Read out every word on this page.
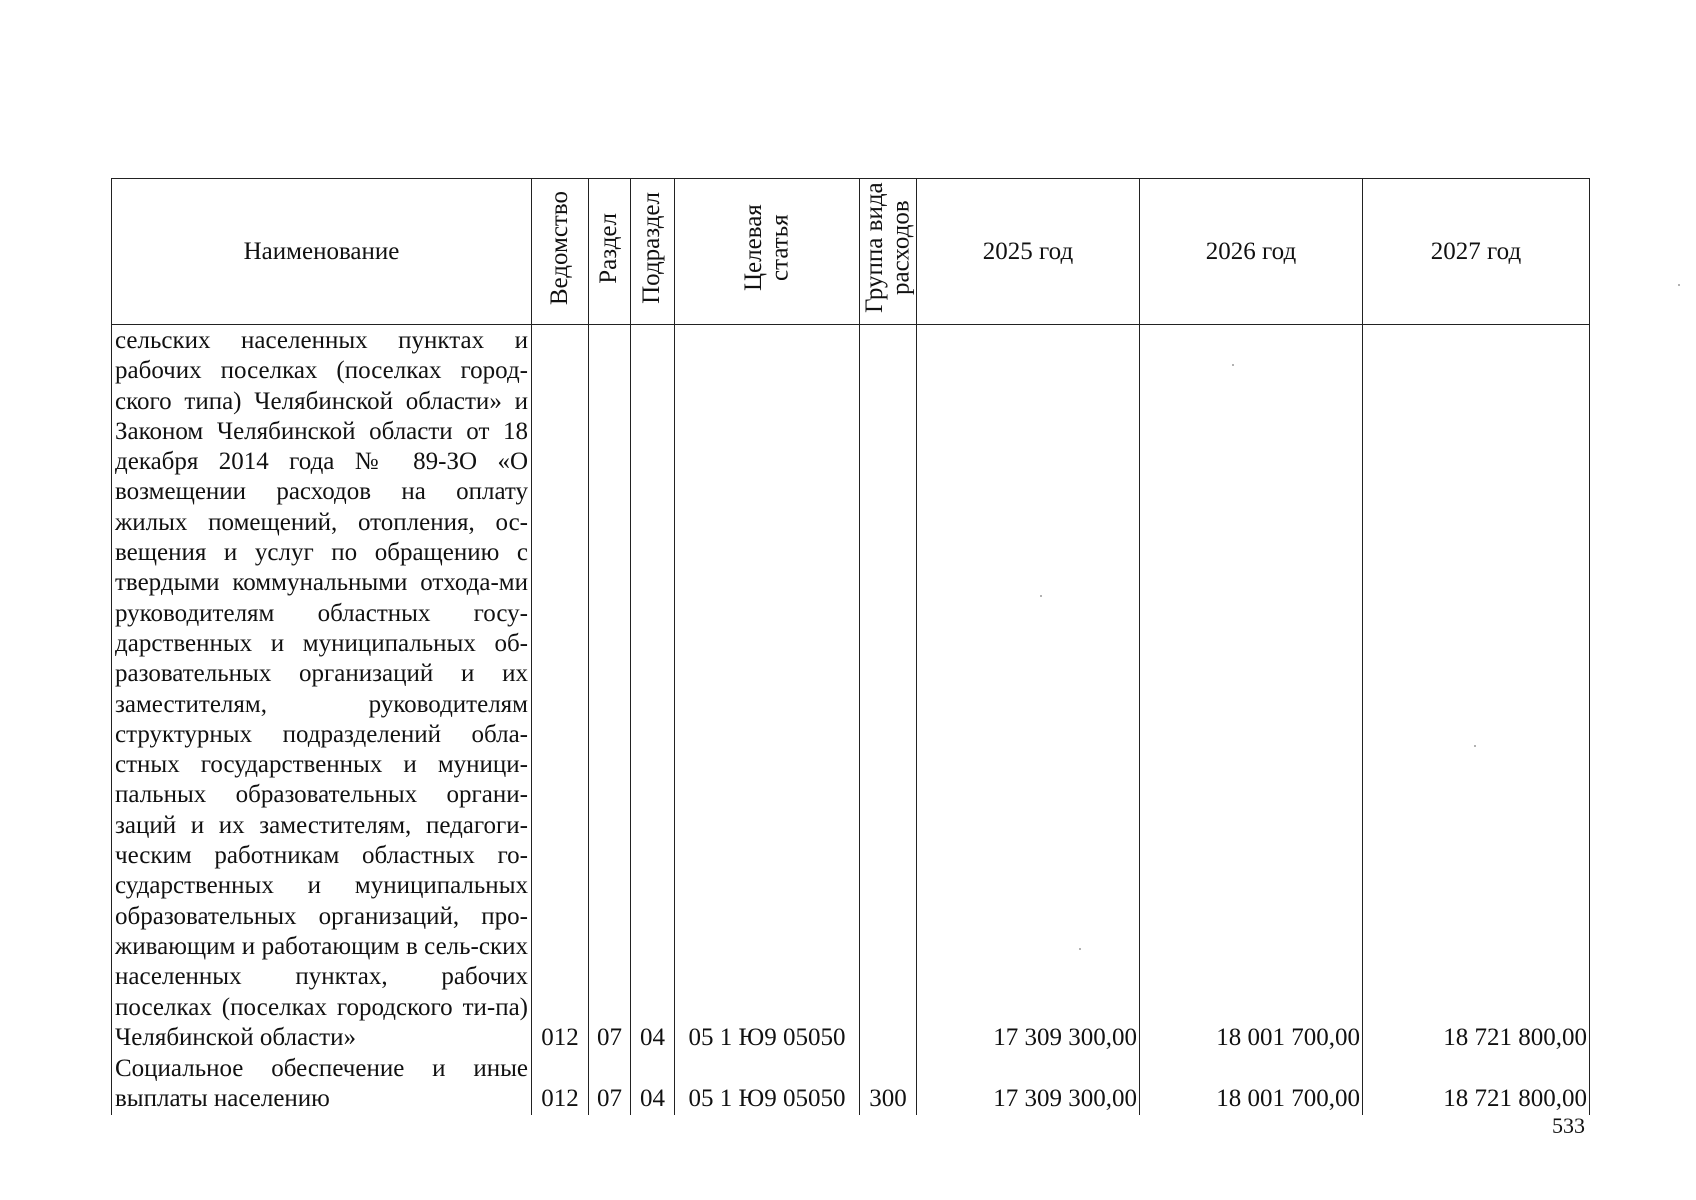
Наименование	Ведомство	Раздел	Подраздел	Целевая статья	Группа вида расходов	2025 год	2026 год	2027 год

сельских населенных пунктах и рабочих поселках (поселках город-ского типа) Челябинской области» и Законом Челябинской области от 18 декабря 2014 года № 89-ЗО «О возмещении расходов на оплату жилых помещений, отопления, ос-вещения и услуг по обращению с твердыми коммунальными отхода-ми руководителям областных госу-дарственных и муниципальных об-разовательных организаций и их заместителям, руководителям структурных подразделений обла-стных государственных и муници-пальных образовательных органи-заций и их заместителям, педагоги-ческим работникам областных го-сударственных и муниципальных образовательных организаций, про-живающим и работающим в сель-ских населенных пунктах, рабочих поселках (поселках городского ти-па) Челябинской области»	012	07	04	05 1 Ю9 05050		17 309 300,00	18 001 700,00	18 721 800,00

Социальное обеспечение и иные выплаты населению	012	07	04	05 1 Ю9 05050	300	17 309 300,00	18 001 700,00	18 721 800,00
533
